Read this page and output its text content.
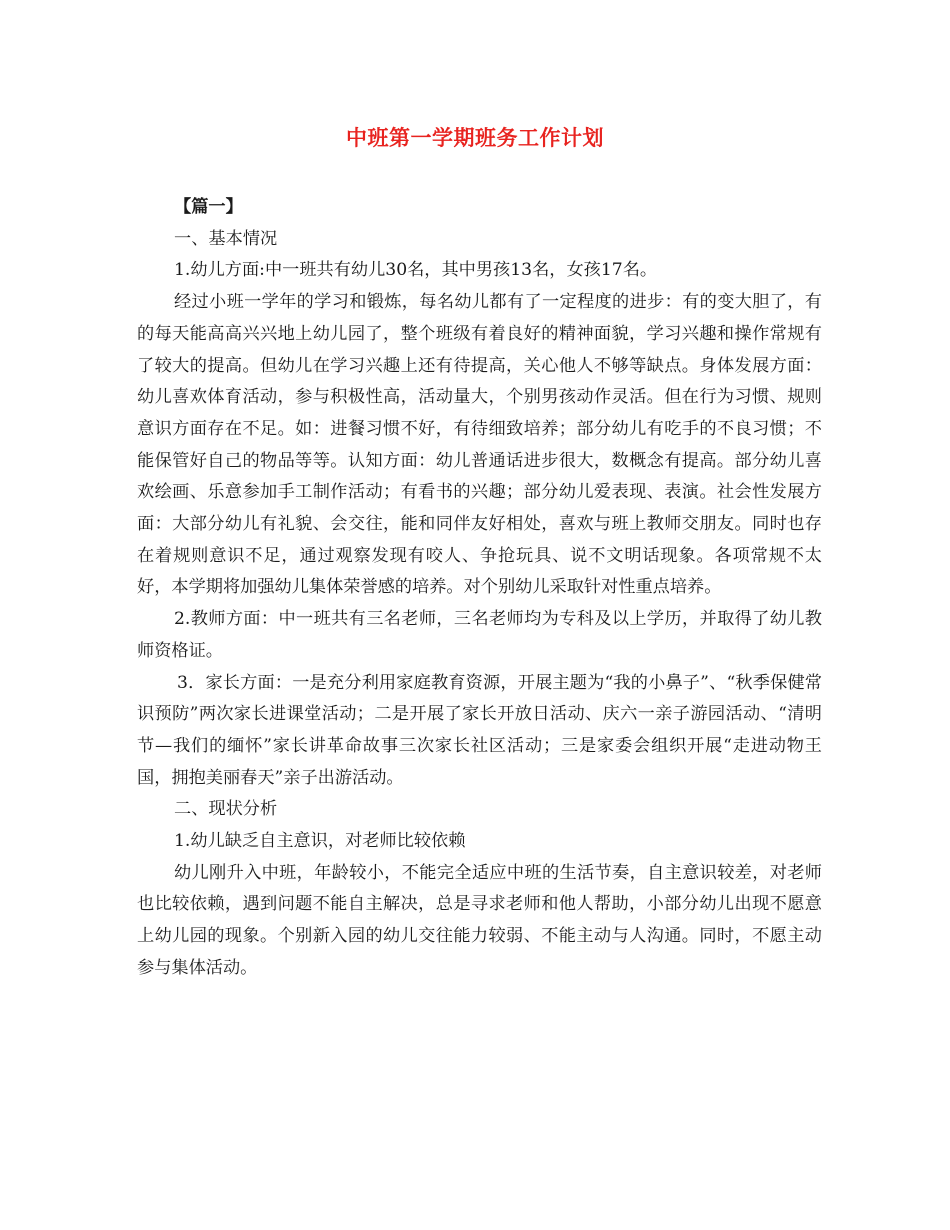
中班第一学期班务工作计划

【篇一】

一、基本情况

1.幼儿方面:中一班共有幼儿30名，其中男孩13名，女孩17名。

经过小班一学年的学习和锻炼，每名幼儿都有了一定程度的进步：有的变大胆了，有的每天能高高兴兴地上幼儿园了，整个班级有着良好的精神面貌，学习兴趣和操作常规有了较大的提高。但幼儿在学习兴趣上还有待提高，关心他人不够等缺点。身体发展方面：幼儿喜欢体育活动，参与积极性高，活动量大，个别男孩动作灵活。但在行为习惯、规则意识方面存在不足。如：进餐习惯不好，有待细致培养；部分幼儿有吃手的不良习惯；不能保管好自己的物品等等。认知方面：幼儿普通话进步很大，数概念有提高。部分幼儿喜欢绘画、乐意参加手工制作活动；有看书的兴趣；部分幼儿爱表现、表演。社会性发展方面：大部分幼儿有礼貌、会交往，能和同伴友好相处，喜欢与班上教师交朋友。同时也存在着规则意识不足，通过观察发现有咬人、争抢玩具、说不文明话现象。各项常规不太好，本学期将加强幼儿集体荣誉感的培养。对个别幼儿采取针对性重点培养。

2.教师方面：中一班共有三名老师，三名老师均为专科及以上学历，并取得了幼儿教师资格证。

3．家长方面：一是充分利用家庭教育资源，开展主题为“我的小鼻子”、“秋季保健常识预防”两次家长进课堂活动；二是开展了家长开放日活动、庆六一亲子游园活动、“清明节—我们的缅怀”家长讲革命故事三次家长社区活动；三是家委会组织开展“走进动物王国，拥抱美丽春天”亲子出游活动。

二、现状分析

1.幼儿缺乏自主意识，对老师比较依赖

幼儿刚升入中班，年龄较小，不能完全适应中班的生活节奏，自主意识较差，对老师也比较依赖，遇到问题不能自主解决，总是寻求老师和他人帮助，小部分幼儿出现不愿意上幼儿园的现象。个别新入园的幼儿交往能力较弱、不能主动与人沟通。同时，不愿主动参与集体活动。
